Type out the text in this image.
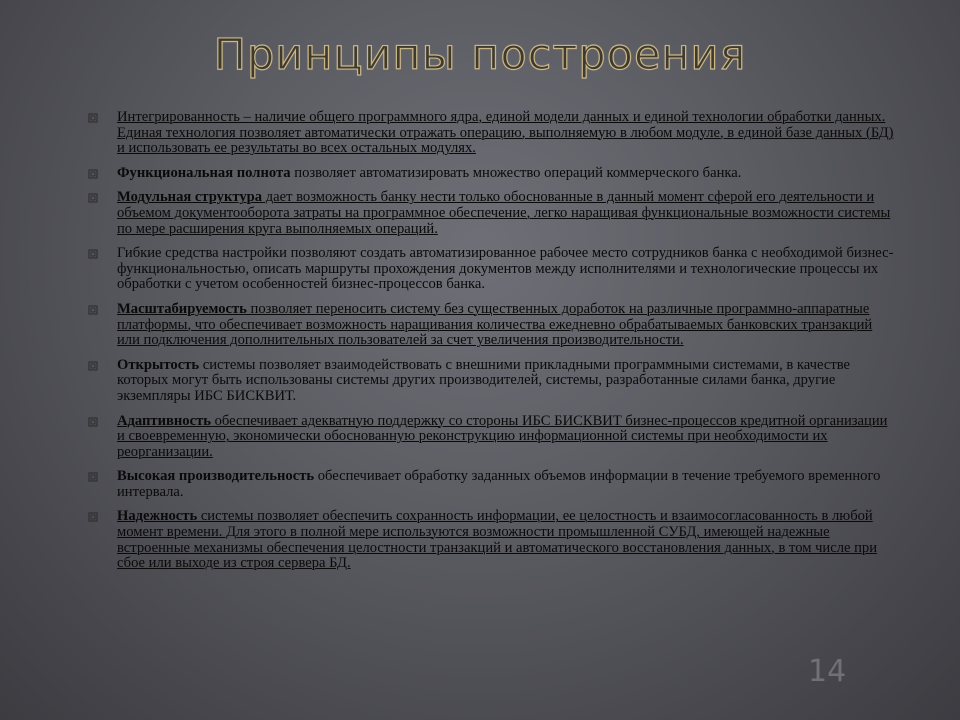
Принципы построения
Интегрированность – наличие общего программного ядра, единой модели данных и единой технологии обработки данных. Единая технология позволяет автоматически отражать операцию, выполняемую в любом модуле, в единой базе данных (БД) и использовать ее результаты во всех остальных модулях.
Функциональная полнота позволяет автоматизировать множество операций коммерческого банка.
Модульная структура дает возможность банку нести только обоснованные в данный момент сферой его деятельности и объемом документооборота затраты на программное обеспечение, легко наращивая функциональные возможности системы по мере расширения круга выполняемых операций.
Гибкие средства настройки позволяют создать автоматизированное рабочее место сотрудников банка с необходимой бизнес-функциональностью, описать маршруты прохождения документов между исполнителями и технологические процессы их обработки с учетом особенностей бизнес-процессов банка.
Масштабируемость позволяет переносить систему без существенных доработок на различные программно-аппаратные платформы, что обеспечивает возможность наращивания количества ежедневно обрабатываемых банковских транзакций или подключения дополнительных пользователей за счет увеличения производительности.
Открытость системы позволяет взаимодействовать с внешними прикладными программными системами, в качестве которых могут быть использованы системы других производителей, системы, разработанные силами банка, другие экземпляры ИБС БИСКВИТ.
Адаптивность обеспечивает адекватную поддержку со стороны ИБС БИСКВИТ бизнес-процессов кредитной организации и своевременную, экономически обоснованную реконструкцию информационной системы при необходимости их реорганизации.
Высокая производительность обеспечивает обработку заданных объемов информации в течение требуемого временного интервала.
Надежность системы позволяет обеспечить сохранность информации, ее целостность и взаимосогласованность в любой момент времени. Для этого в полной мере используются возможности промышленной СУБД, имеющей надежные встроенные механизмы обеспечения целостности транзакций и автоматического восстановления данных, в том числе при сбое или выходе из строя сервера БД.
14
